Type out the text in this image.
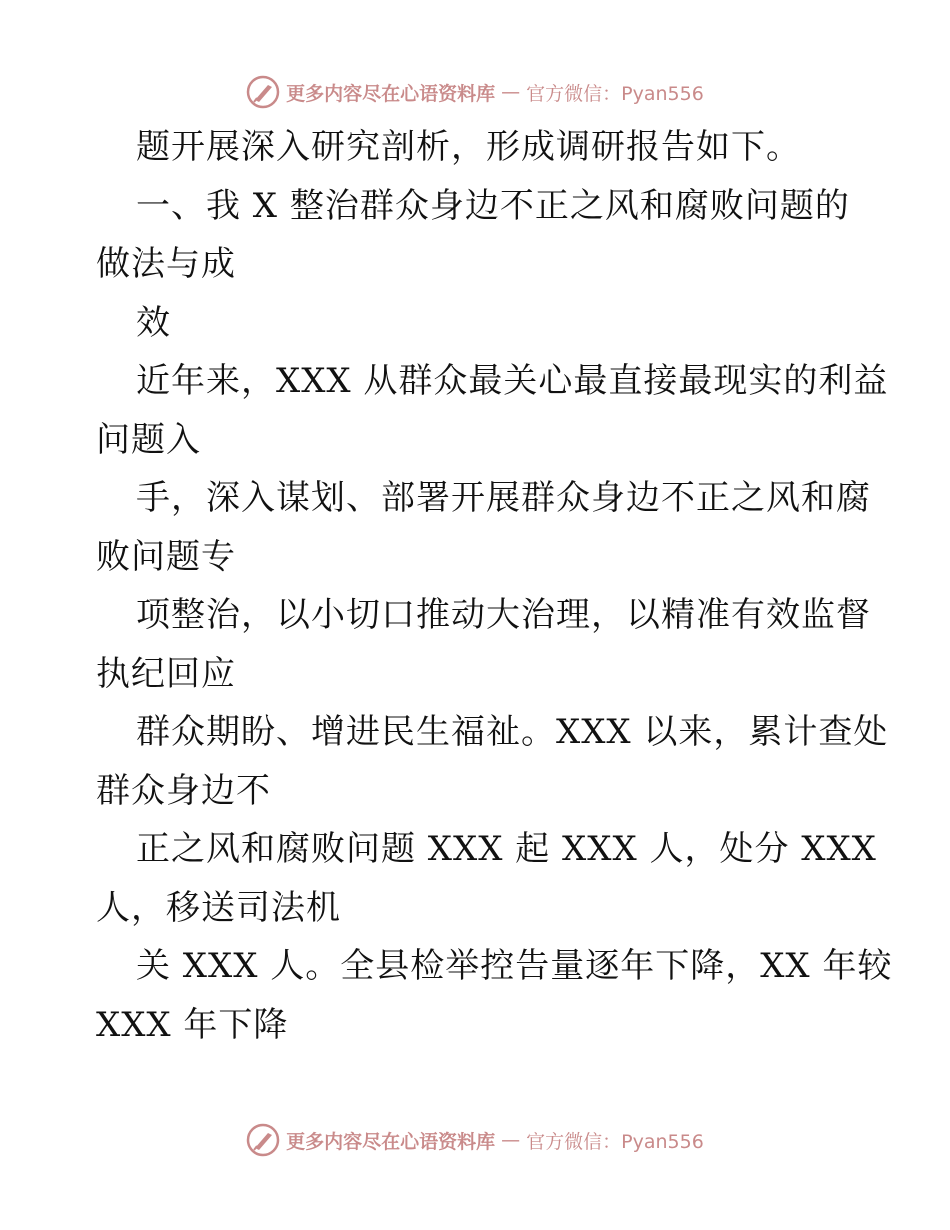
更多内容尽在心语资料库 — 官方微信：Pyan556
题开展深入研究剖析，形成调研报告如下。
一、我 X 整治群众身边不正之风和腐败问题的
做法与成
效
近年来，XXX 从群众最关心最直接最现实的利益
问题入
手，深入谋划、部署开展群众身边不正之风和腐
败问题专
项整治，以小切口推动大治理，以精准有效监督
执纪回应
群众期盼、增进民生福祉。XXX 以来，累计查处
群众身边不
正之风和腐败问题 XXX 起 XXX 人，处分 XXX
人，移送司法机
关 XXX 人。全县检举控告量逐年下降，XX 年较
XXX 年下降
更多内容尽在心语资料库 — 官方微信：Pyan556
